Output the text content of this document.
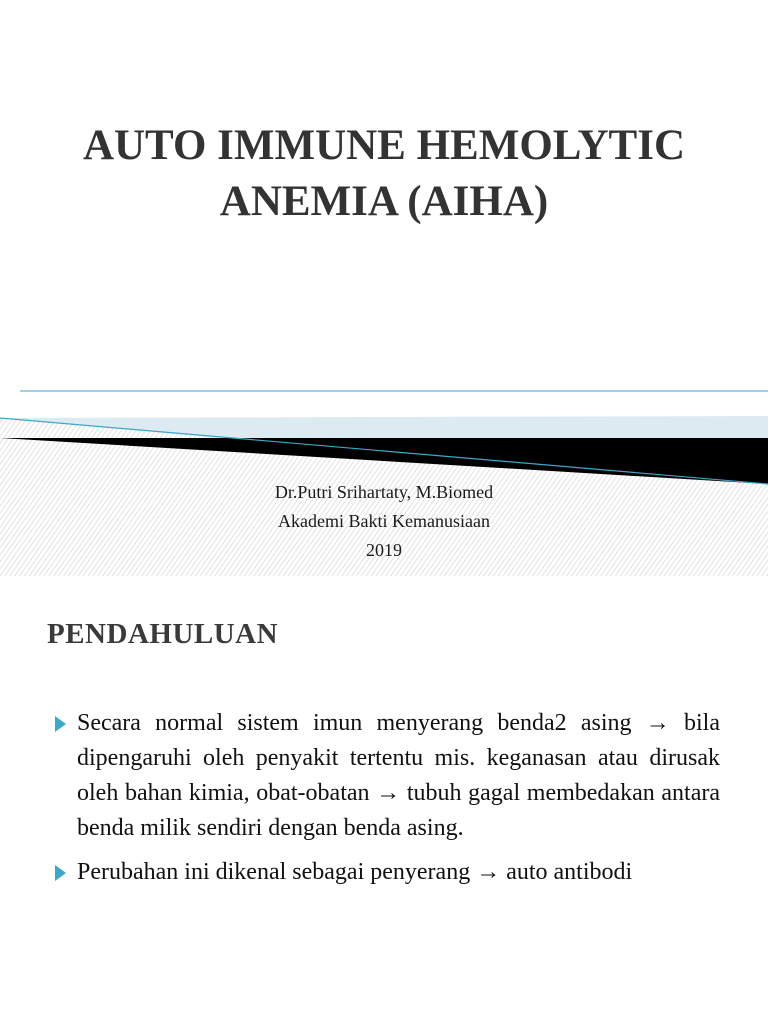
AUTO IMMUNE HEMOLYTIC
ANEMIA (AIHA)
Dr.Putri Srihartaty, M.Biomed
Akademi Bakti Kemanusiaan
2019
PENDAHULUAN
Secara normal sistem imun menyerang benda2 asing → bila dipengaruhi oleh penyakit tertentu mis. keganasan atau dirusak oleh bahan kimia, obat-obatan → tubuh gagal membedakan antara benda milik sendiri dengan benda asing.
Perubahan ini dikenal sebagai penyerang → auto antibodi
